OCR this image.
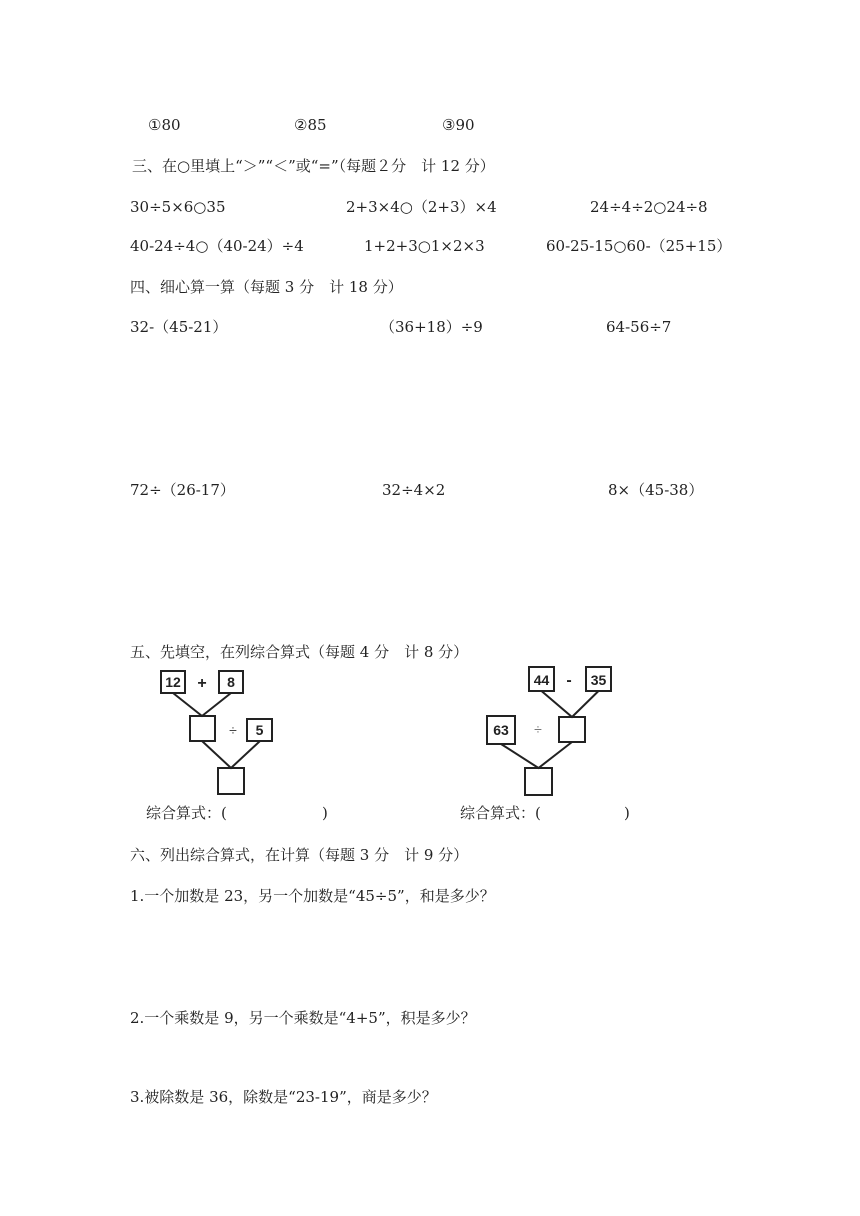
①80	②85	③90
三、在○里填上“＞”“＜”或“=”（每题２分　计 12 分）
30÷5×6○35	2+3×4○（2+3）×4	24÷4÷2○24÷8
40-24÷4○（40-24）÷4	1+2+3○1×2×3	60-25-15○60-（25+15）
四、细心算一算（每题 3 分　计 18 分）
32-（45-21）	（36+18）÷9	64-56÷7
72÷（26-17）	32÷4×2	8×（45-38）
五、先填空，在列综合算式（每题 4 分　计 8 分）
12	8
5
+
÷
44	35
63
-
÷
综合算式：(	)	综合算式：(	)
六、列出综合算式，在计算（每题 3 分　计 9 分）
1.一个加数是 23，另一个加数是“45÷5”，和是多少？
2.一个乘数是 9，另一个乘数是“4+5”，积是多少？
3.被除数是 36，除数是“23-19”，商是多少？
